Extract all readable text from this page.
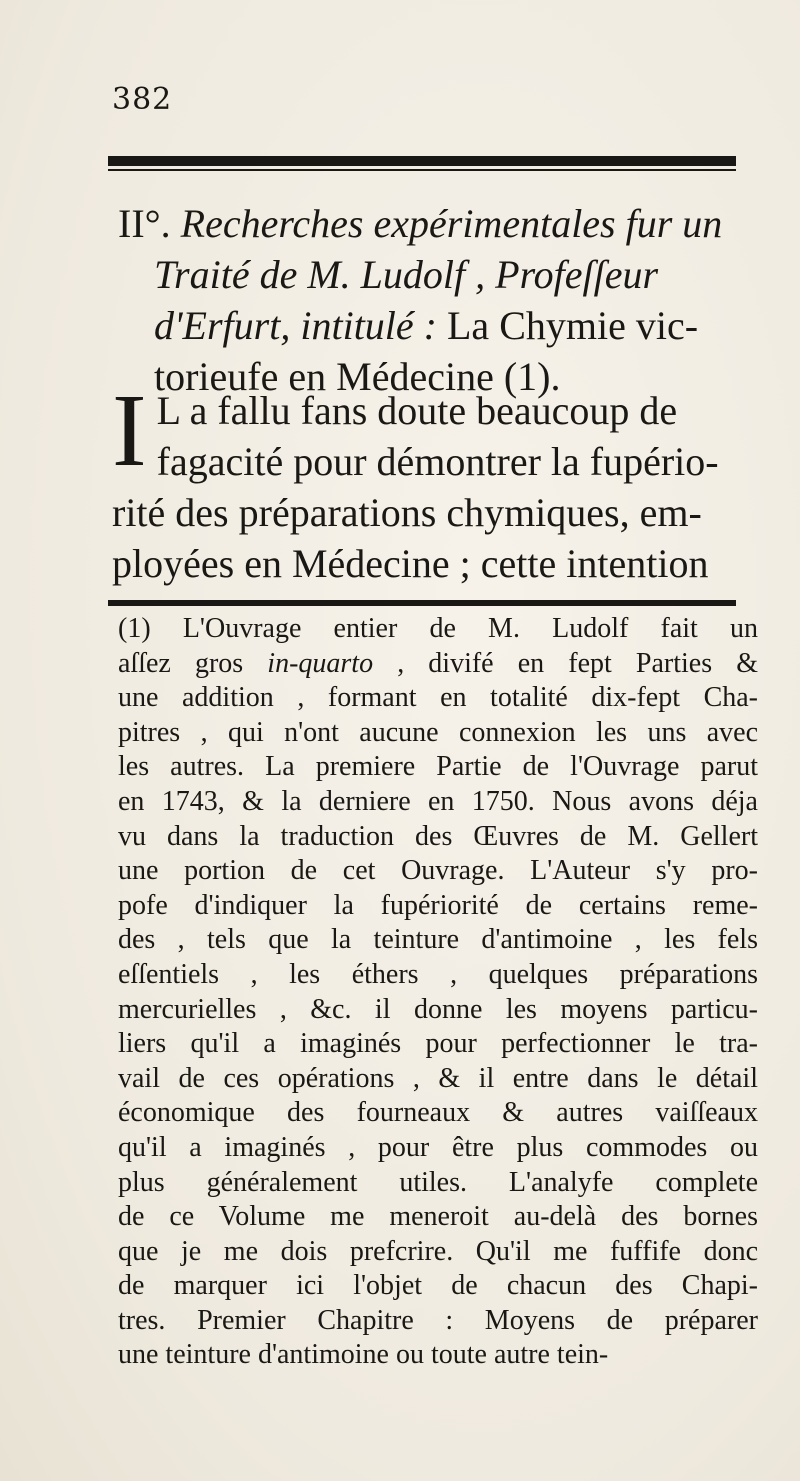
382
II°. Recherches expérimentales fur un
Traité de M. Ludolf , Profeſſeur
d'Erfurt, intitulé : La Chymie vic-
torieufe en Médecine (1).
I L a fallu fans doute beaucoup de
fagacité pour démontrer la fupério-
rité des préparations chymiques, em-
ployées en Médecine ; cette intention
(1) L'Ouvrage entier de M. Ludolf fait un
aſſez gros in-quarto , divifé en fept Parties &
une addition , formant en totalité dix-fept Cha-
pitres , qui n'ont aucune connexion les uns avec
les autres. La premiere Partie de l'Ouvrage parut
en 1743, & la derniere en 1750. Nous avons déja
vu dans la traduction des Œuvres de M. Gellert
une portion de cet Ouvrage. L'Auteur s'y pro-
pofe d'indiquer la fupériorité de certains reme-
des , tels que la teinture d'antimoine , les fels
eſſentiels , les éthers , quelques préparations
mercurielles , &c. il donne les moyens particu-
liers qu'il a imaginés pour perfectionner le tra-
vail de ces opérations , & il entre dans le détail
économique des fourneaux & autres vaiſſeaux
qu'il a imaginés , pour être plus commodes ou
plus généralement utiles. L'analyfe complete
de ce Volume me meneroit au-delà des bornes
que je me dois prefcrire. Qu'il me fuffife donc
de marquer ici l'objet de chacun des Chapi-
tres. Premier Chapitre : Moyens de préparer
une teinture d'antimoine ou toute autre tein-
